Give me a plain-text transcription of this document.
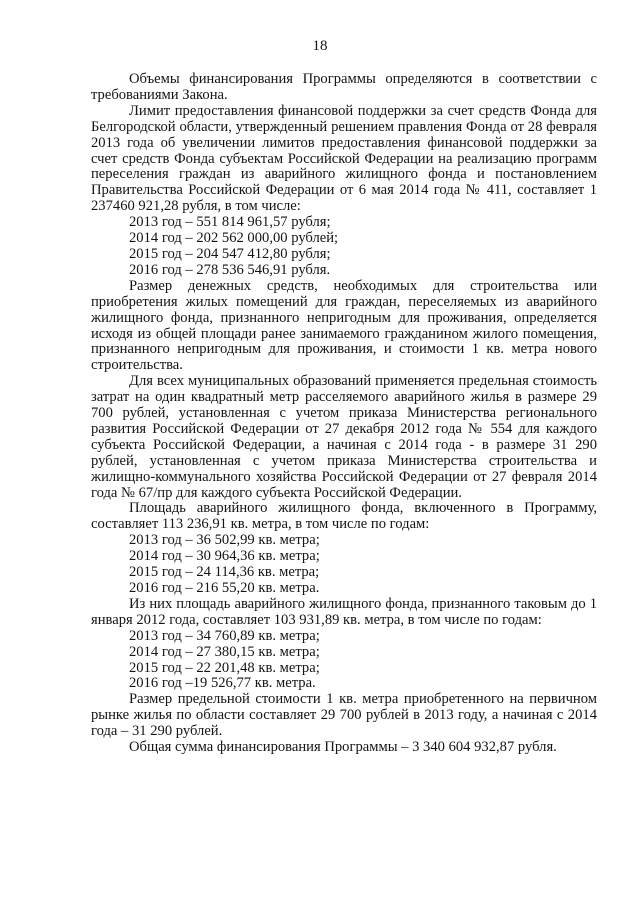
18

Объемы финансирования Программы определяются в соответствии с требованиями Закона.

Лимит предоставления финансовой поддержки за счет средств Фонда для Белгородской области, утвержденный решением правления Фонда от 28 февраля 2013 года об увеличении лимитов предоставления финансовой поддержки за счет средств Фонда субъектам Российской Федерации на реализацию программ переселения граждан из аварийного жилищного фонда и постановлением Правительства Российской Федерации от 6 мая 2014 года № 411, составляет 1 237460 921,28 рубля, в том числе:

2013 год – 551 814 961,57 рубля;

2014 год – 202 562 000,00 рублей;

2015 год – 204 547 412,80 рубля;

2016 год – 278 536 546,91 рубля.

Размер денежных средств, необходимых для строительства или приобретения жилых помещений для граждан, переселяемых из аварийного жилищного фонда, признанного непригодным для проживания, определяется исходя из общей площади ранее занимаемого гражданином жилого помещения, признанного непригодным для проживания, и стоимости 1 кв. метра нового строительства.

Для всех муниципальных образований применяется предельная стоимость затрат на один квадратный метр расселяемого аварийного жилья в размере 29 700 рублей, установленная с учетом приказа Министерства регионального развития Российской Федерации от 27 декабря 2012 года № 554 для каждого субъекта Российской Федерации, а начиная с 2014 года - в размере 31 290 рублей, установленная с учетом приказа Министерства строительства и жилищно-коммунального хозяйства Российской Федерации от 27 февраля 2014 года № 67/пр для каждого субъекта Российской Федерации.

Площадь аварийного жилищного фонда, включенного в Программу, составляет 113 236,91 кв. метра, в том числе по годам:

2013 год – 36 502,99 кв. метра;

2014 год – 30 964,36 кв. метра;

2015 год – 24 114,36 кв. метра;

2016 год – 216 55,20 кв. метра.

Из них площадь аварийного жилищного фонда, признанного таковым до 1 января 2012 года, составляет 103 931,89 кв. метра, в том числе по годам:

2013 год – 34 760,89 кв. метра;

2014 год – 27 380,15 кв. метра;

2015 год – 22 201,48 кв. метра;

2016 год –19 526,77 кв. метра.

Размер предельной стоимости 1 кв. метра приобретенного на первичном рынке жилья по области составляет 29 700 рублей в 2013 году, а начиная с 2014 года – 31 290 рублей.

Общая сумма финансирования Программы – 3 340 604 932,87 рубля.
